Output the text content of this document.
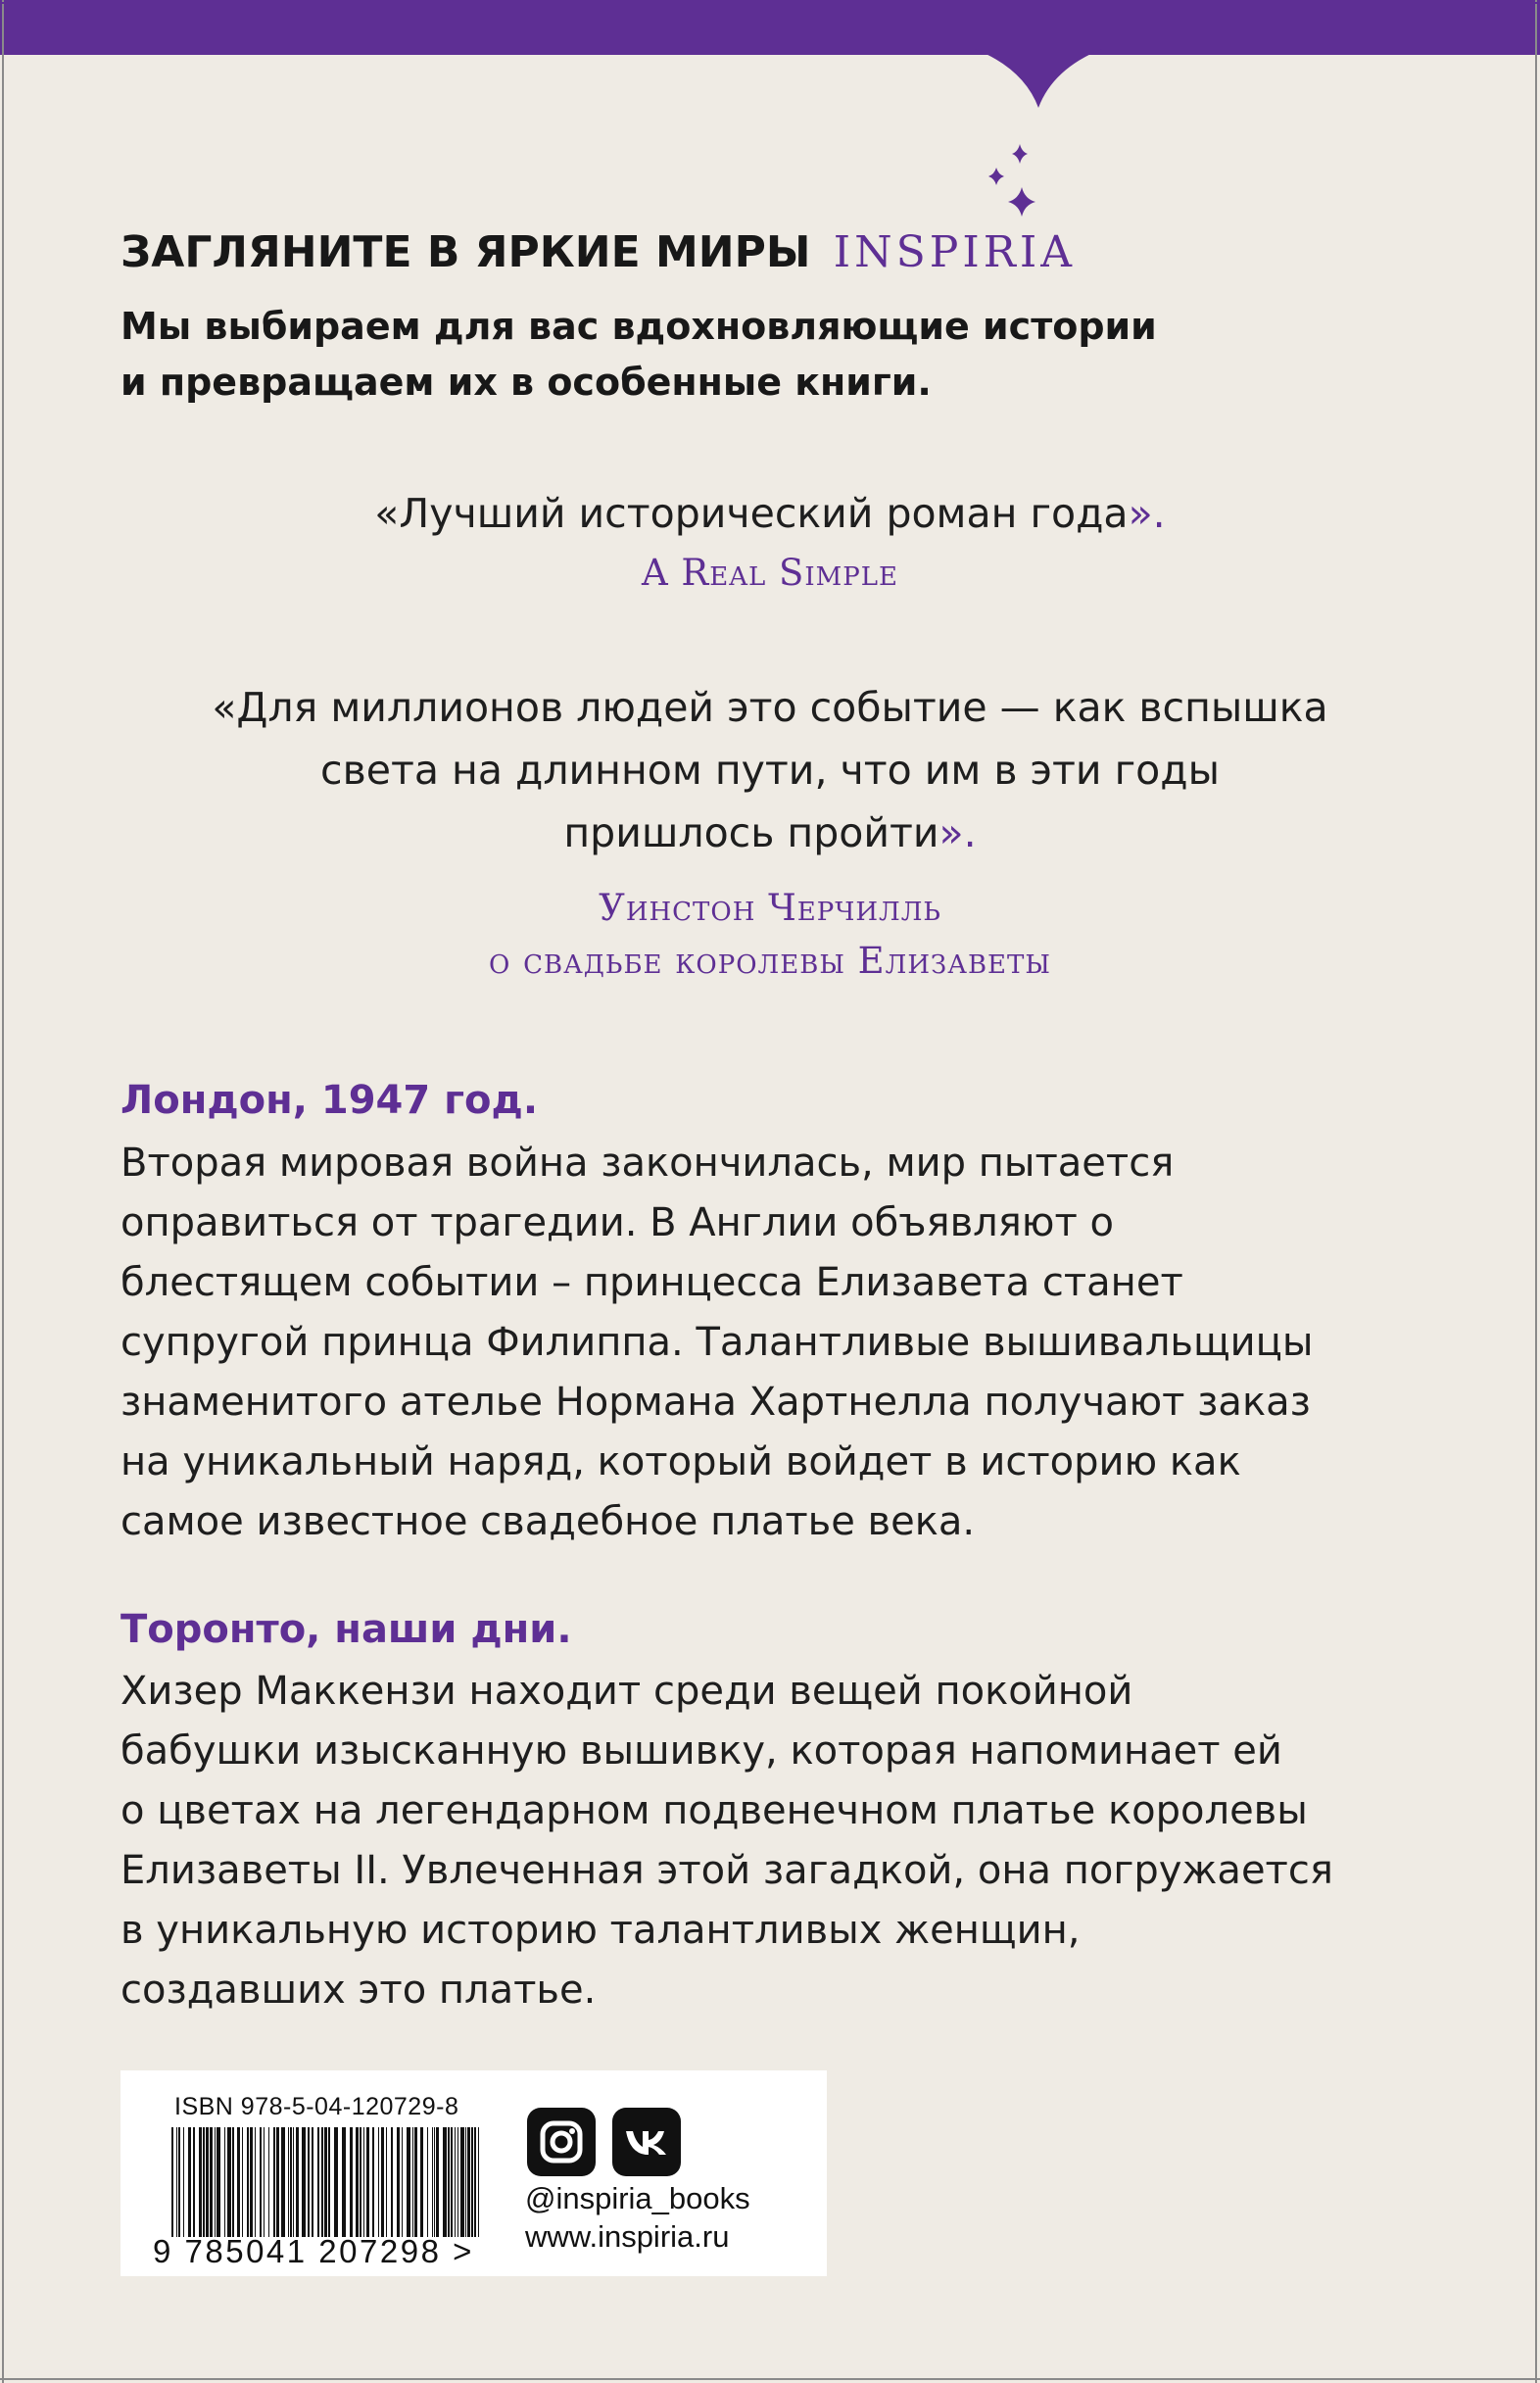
ЗАГЛЯНИТЕ В ЯРКИЕ МИРЫ INSPIRIA
Мы выбираем для вас вдохновляющие истории
и превращаем их в особенные книги.
«Лучший исторический роман года».
A Real Simple
«Для миллионов людей это событие — как вспышка
света на длинном пути, что им в эти годы
пришлось пройти».
Уинстон Черчилль
о свадьбе королевы Елизаветы
Лондон, 1947 год.
Вторая мировая война закончилась, мир пытается
оправиться от трагедии. В Англии объявляют о
блестящем событии – принцесса Елизавета станет
супругой принца Филиппа. Талантливые вышивальщицы
знаменитого ателье Нормана Хартнелла получают заказ
на уникальный наряд, который войдет в историю как
самое известное свадебное платье века.
Торонто, наши дни.
Хизер Маккензи находит среди вещей покойной
бабушки изысканную вышивку, которая напоминает ей
о цветах на легендарном подвенечном платье королевы
Елизаветы II. Увлеченная этой загадкой, она погружается
в уникальную историю талантливых женщин,
создавших это платье.
ISBN 978-5-04-120729-8
9 785041 207298 >
@inspiria_books
www.inspiria.ru
